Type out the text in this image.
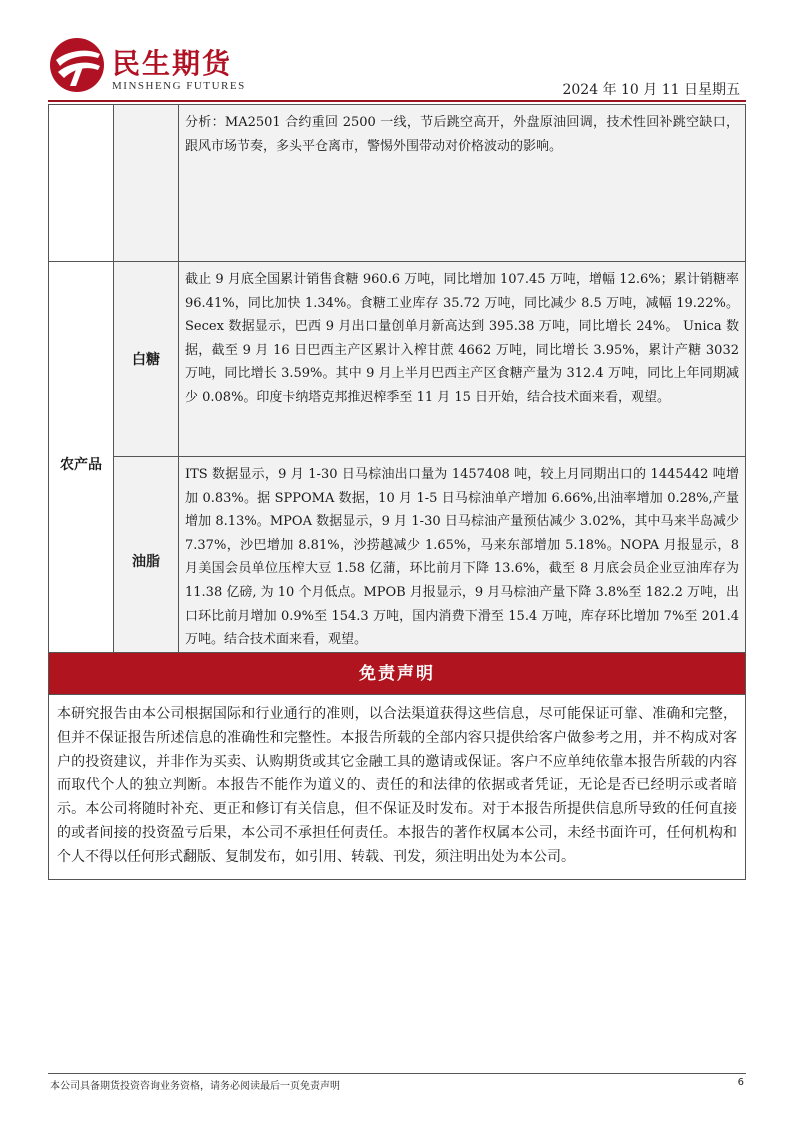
民生期货
MINSHENG FUTURES	2024 年 10 月 11 日星期五
		分析：MA2501 合约重回 2500 一线，节后跳空高开，外盘原油回调，技术性回补跳空缺口，跟风市场节奏，多头平仓离市，警惕外围带动对价格波动的影响。
农产品	白糖	截止 9 月底全国累计销售食糖 960.6 万吨，同比增加 107.45 万吨，增幅 12.6%；累计销糖率 96.41%，同比加快 1.34%。食糖工业库存 35.72 万吨，同比减少 8.5 万吨，减幅 19.22%。Secex 数据显示，巴西 9 月出口量创单月新高达到 395.38 万吨，同比增长 24%。 Unica 数据，截至 9 月 16 日巴西主产区累计入榨甘蔗 4662 万吨，同比增长 3.95%，累计产糖 3032 万吨，同比增长 3.59%。其中 9 月上半月巴西主产区食糖产量为 312.4 万吨，同比上年同期减少 0.08%。印度卡纳塔克邦推迟榨季至 11 月 15 日开始，结合技术面来看，观望。
	油脂	ITS 数据显示，9 月 1-30 日马棕油出口量为 1457408 吨，较上月同期出口的 1445442 吨增加 0.83%。据 SPPOMA 数据，10 月 1-5 日马棕油单产增加 6.66%,出油率增加 0.28%,产量增加 8.13%。MPOA 数据显示，9 月 1-30 日马棕油产量预估减少 3.02%，其中马来半岛减少 7.37%，沙巴增加 8.81%，沙捞越减少 1.65%，马来东部增加 5.18%。NOPA 月报显示，8 月美国会员单位压榨大豆 1.58 亿蒲，环比前月下降 13.6%，截至 8 月底会员企业豆油库存为 11.38 亿磅, 为 10 个月低点。MPOB 月报显示，9 月马棕油产量下降 3.8%至 182.2 万吨，出口环比前月增加 0.9%至 154.3 万吨，国内消费下滑至 15.4 万吨，库存环比增加 7%至 201.4 万吨。结合技术面来看，观望。
免责声明
本研究报告由本公司根据国际和行业通行的准则，以合法渠道获得这些信息，尽可能保证可靠、准确和完整，但并不保证报告所述信息的准确性和完整性。本报告所载的全部内容只提供给客户做参考之用，并不构成对客户的投资建议，并非作为买卖、认购期货或其它金融工具的邀请或保证。客户不应单纯依靠本报告所载的内容而取代个人的独立判断。本报告不能作为道义的、责任的和法律的依据或者凭证，无论是否已经明示或者暗示。本公司将随时补充、更正和修订有关信息，但不保证及时发布。对于本报告所提供信息所导致的任何直接的或者间接的投资盈亏后果，本公司不承担任何责任。本报告的著作权属本公司，未经书面许可，任何机构和个人不得以任何形式翻版、复制发布，如引用、转载、刊发，须注明出处为本公司。
本公司具备期货投资咨询业务资格，请务必阅读最后一页免责声明	6
